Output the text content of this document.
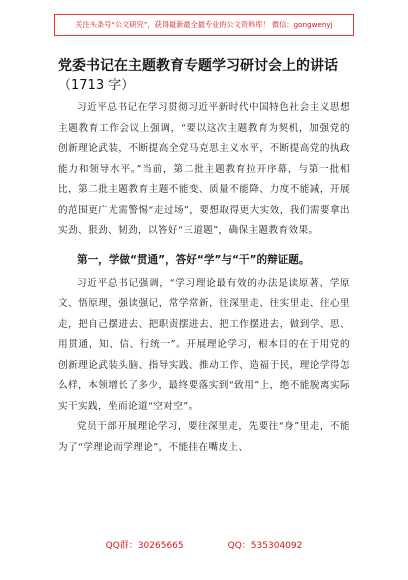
关注头条号“公文研究”，获得最新最全最专业的公文资料库！ 微信：gongwenyj
党委书记在主题教育专题学习研讨会上的讲话
（1713 字）

习近平总书记在学习贯彻习近平新时代中国特色社会主义思想主题教育工作会议上强调，“要以这次主题教育为契机，加强党的创新理论武装，不断提高全党马克思主义水平，不断提高党的执政能力和领导水平。”当前，第二批主题教育拉开序幕，与第一批相比，第二批主题教育主题不能变、质量不能降、力度不能减，开展的范围更广尤需警惕“走过场”，要想取得更大实效，我们需要拿出实劲、狠劲、韧劲，以答好“三道题”，确保主题教育效果。

第一，学做“贯通”，答好“学”与“干”的辩证题。

习近平总书记强调，“学习理论最有效的办法是读原著、学原文、悟原理，强读强记，常学常新，往深里走、往实里走、往心里走，把自己摆进去、把职责摆进去、把工作摆进去，做到学、思、用贯通，知、信、行统一”。开展理论学习，根本目的在于用党的创新理论武装头脑、指导实践、推动工作、造福于民，理论学得怎么样，本领增长了多少，最终要落实到“致用”上，绝不能脱离实际实干实践，坐而论道“空对空”。

党员干部开展理论学习，要往深里走，先要往“身”里走，不能为了“学理论而学理论”，不能挂在嘴皮上、

QQ群：30265665	QQ：535304092
